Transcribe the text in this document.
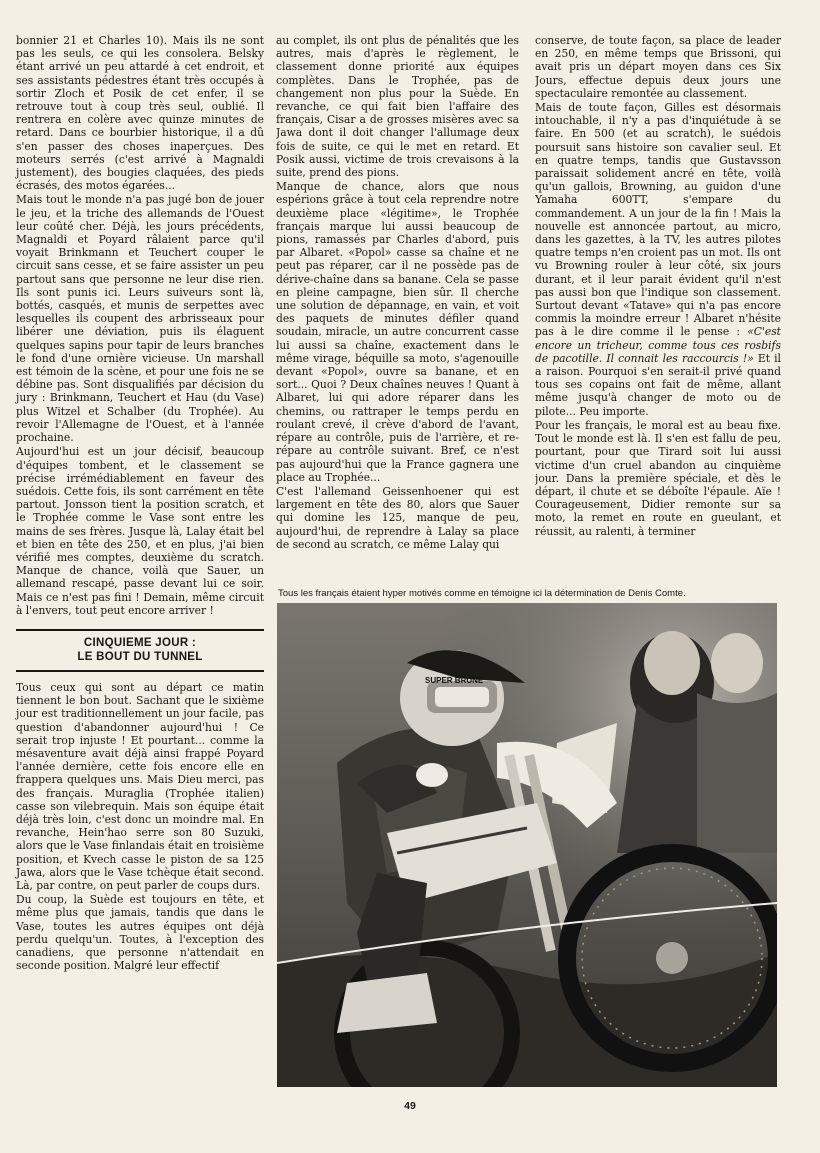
bonnier 21 et Charles 10). Mais ils ne sont pas les seuls, ce qui les consolera. Belsky étant arrivé un peu attardé à cet endroit, et ses assistants pédestres étant très occupés à sortir Zloch et Posik de cet enfer, il se retrouve tout à coup très seul, oublié. Il rentrera en colère avec quinze minutes de retard. Dans ce bourbier historique, il a dû s'en passer des choses inaperçues. Des moteurs serrés (c'est arrivé à Magnaldi justement), des bougies claquées, des pieds écrasés, des motos égarées...

Mais tout le monde n'a pas jugé bon de jouer le jeu, et la triche des allemands de l'Ouest leur coûté cher. Déjà, les jours précédents, Magnaldi et Poyard râlaient parce qu'il voyait Brinkmann et Teuchert couper le circuit sans cesse, et se faire assister un peu partout sans que personne ne leur dise rien. Ils sont punis ici. Leurs suiveurs sont là, bottés, casqués, et munis de serpettes avec lesquelles ils coupent des arbrisseaux pour libérer une déviation, puis ils élaguent quelques sapins pour tapir de leurs branches le fond d'une ornière vicieuse. Un marshall est témoin de la scène, et pour une fois ne se débine pas. Sont disqualifiés par décision du jury : Brinkmann, Teuchert et Hau (du Vase) plus Witzel et Schalber (du Trophée). Au revoir l'Allemagne de l'Ouest, et à l'année prochaine.

Aujourd'hui est un jour décisif, beaucoup d'équipes tombent, et le classement se précise irrémédiablement en faveur des suédois. Cette fois, ils sont carrément en tête partout. Jonsson tient la position scratch, et le Trophée comme le Vase sont entre les mains de ses frères. Jusque là, Lalay était bel et bien en tête des 250, et en plus, j'ai bien vérifié mes comptes, deuxième du scratch. Manque de chance, voilà que Sauer, un allemand rescapé, passe devant lui ce soir. Mais ce n'est pas fini ! Demain, même circuit à l'envers, tout peut encore arriver !

CINQUIEME JOUR :
LE BOUT DU TUNNEL

Tous ceux qui sont au départ ce matin tiennent le bon bout. Sachant que le sixième jour est traditionnellement un jour facile, pas question d'abandonner aujourd'hui ! Ce serait trop injuste ! Et pourtant... comme la mésaventure avait déjà ainsi frappé Poyard l'année dernière, cette fois encore elle en frappera quelques uns. Mais Dieu merci, pas des français. Muraglia (Trophée italien) casse son vilebrequin. Mais son équipe était déjà très loin, c'est donc un moindre mal. En revanche, Hein'hao serre son 80 Suzuki, alors que le Vase finlandais était en troisième position, et Kvech casse le piston de sa 125 Jawa, alors que le Vase tchèque était second. Là, par contre, on peut parler de coups durs.

Du coup, la Suède est toujours en tête, et même plus que jamais, tandis que dans le Vase, toutes les autres équipes ont déjà perdu quelqu'un. Toutes, à l'exception des canadiens, que personne n'attendait en seconde position. Malgré leur effectif

au complet, ils ont plus de pénalités que les autres, mais d'après le règlement, le classement donne priorité aux équipes complètes. Dans le Trophée, pas de changement non plus pour la Suède. En revanche, ce qui fait bien l'affaire des français, Cisar a de grosses misères avec sa Jawa dont il doit changer l'allumage deux fois de suite, ce qui le met en retard. Et Posik aussi, victime de trois crevaisons à la suite, prend des pions.

Manque de chance, alors que nous espérions grâce à tout cela reprendre notre deuxième place «légitime», le Trophée français marque lui aussi beaucoup de pions, ramassés par Charles d'abord, puis par Albaret. «Popol» casse sa chaîne et ne peut pas réparer, car il ne possède pas de dérive-chaîne dans sa banane. Cela se passe en pleine campagne, bien sûr. Il cherche une solution de dépannage, en vain, et voit des paquets de minutes défiler quand soudain, miracle, un autre concurrent casse lui aussi sa chaîne, exactement dans le même virage, béquille sa moto, s'agenouille devant «Popol», ouvre sa banane, et en sort... Quoi ? Deux chaînes neuves ! Quant à Albaret, lui qui adore réparer dans les chemins, ou rattraper le temps perdu en roulant crevé, il crève d'abord de l'avant, répare au contrôle, puis de l'arrière, et re-répare au contrôle suivant. Bref, ce n'est pas aujourd'hui que la France gagnera une place au Trophée...

C'est l'allemand Geissenhoener qui est largement en tête des 80, alors que Sauer qui domine les 125, manque de peu, aujourd'hui, de reprendre à Lalay sa place de second au scratch, ce même Lalay qui

conserve, de toute façon, sa place de leader en 250, en même temps que Brissoni, qui avait pris un départ moyen dans ces Six Jours, effectue depuis deux jours une spectaculaire remontée au classement.

Mais de toute façon, Gilles est désormais intouchable, il n'y a pas d'inquiétude à se faire. En 500 (et au scratch), le suédois poursuit sans histoire son cavalier seul. Et en quatre temps, tandis que Gustavsson paraissait solidement ancré en tête, voilà qu'un gallois, Browning, au guidon d'une Yamaha 600TT, s'empare du commandement. A un jour de la fin ! Mais la nouvelle est annoncée partout, au micro, dans les gazettes, à la TV, les autres pilotes quatre temps n'en croient pas un mot. Ils ont vu Browning rouler à leur côté, six jours durant, et il leur parait évident qu'il n'est pas aussi bon que l'indique son classement. Surtout devant «Tatave» qui n'a pas encore commis la moindre erreur ! Albaret n'hésite pas à le dire comme il le pense : «C'est encore un tricheur, comme tous ces rosbifs de pacotille. Il connait les raccourcis !» Et il a raison. Pourquoi s'en serait-il privé quand tous ses copains ont fait de même, allant même jusqu'à changer de moto ou de pilote... Peu importe.

Pour les français, le moral est au beau fixe. Tout le monde est là. Il s'en est fallu de peu, pourtant, pour que Tirard soit lui aussi victime d'un cruel abandon au cinquième jour. Dans la première spéciale, et dès le départ, il chute et se déboîte l'épaule. Aïe ! Courageusement, Didier remonte sur sa moto, la remet en route en gueulant, et réussit, au ralenti, à terminer

Tous les français étaient hyper motivés comme en témoigne ici la détermination de Denis Comte.
SUPER BRUNE
49
